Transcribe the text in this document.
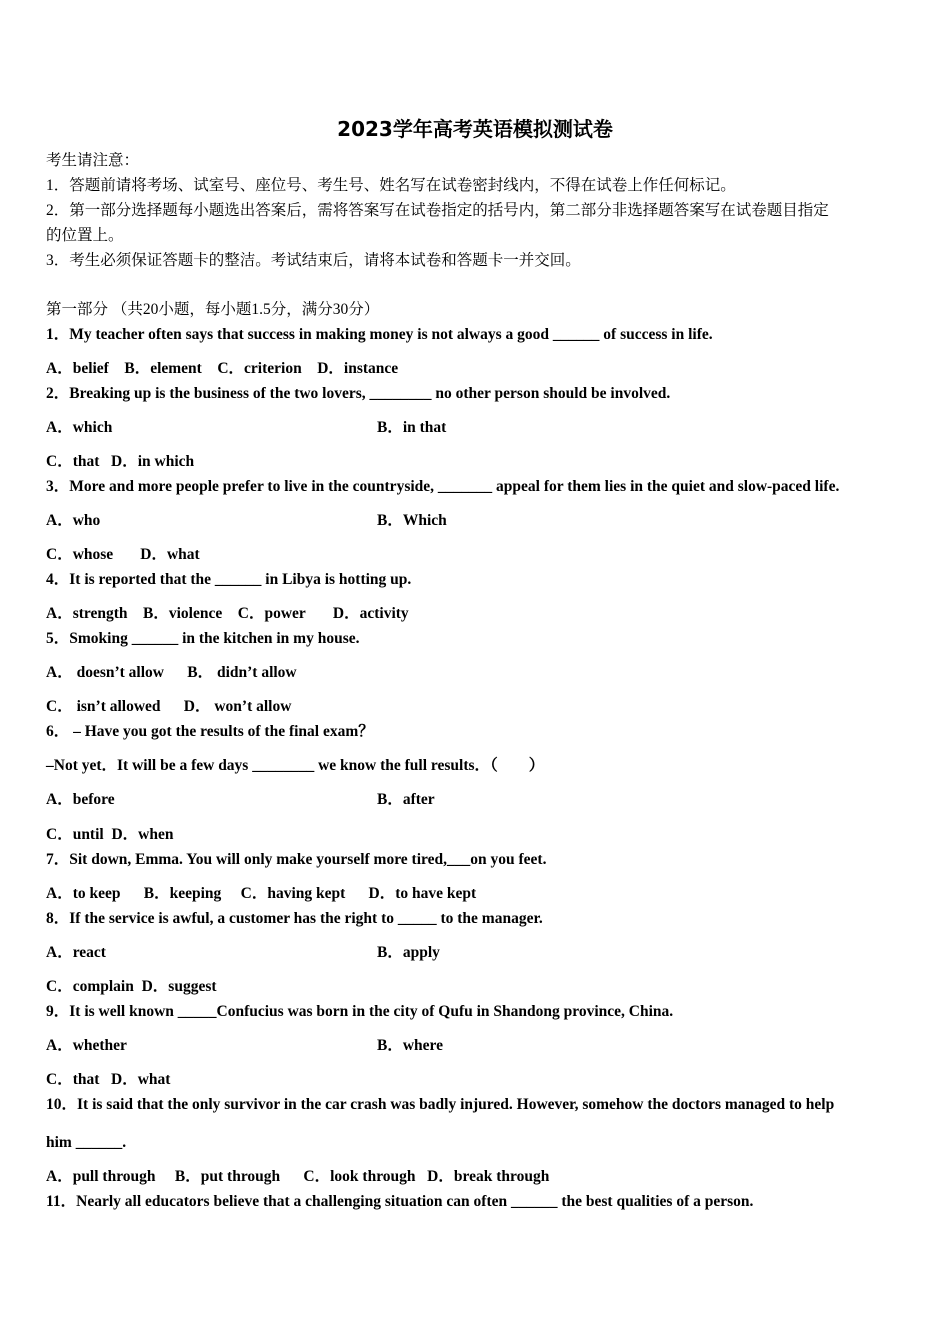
2023学年高考英语模拟测试卷
考生请注意：
1．答题前请将考场、试室号、座位号、考生号、姓名写在试卷密封线内，不得在试卷上作任何标记。
2．第一部分选择题每小题选出答案后，需将答案写在试卷指定的括号内，第二部分非选择题答案写在试卷题目指定
的位置上。
3．考生必须保证答题卡的整洁。考试结束后，请将本试卷和答题卡一并交回。
第一部分 （共20小题，每小题1.5分，满分30分）
1．My teacher often says that success in making money is not always a good ______ of success in life.
A．belief B．element C．criterion D．instance
2．Breaking up is the business of the two lovers, ________ no other person should be involved.
A．which	B．in that
C．that D．in which
3．More and more people prefer to live in the countryside, _______ appeal for them lies in the quiet and slow-paced life.
A．who	B．Which
C．whose D．what
4．It is reported that the ______ in Libya is hotting up.
A．strength B．violence C．power D．activity
5．Smoking ______ in the kitchen in my house.
A． doesn’t allow B． didn’t allow
C． isn’t allowed D． won’t allow
6． – Have you got the results of the final exam？
–Not yet．It will be a few days ________ we know the full results．（　　）
A．before	B．after
C．until D．when
7．Sit down, Emma. You will only make yourself more tired,___on you feet.
A．to keep B．keeping C．having kept D．to have kept
8．If the service is awful, a customer has the right to _____ to the manager.
A．react	B．apply
C．complain D．suggest
9．It is well known _____Confucius was born in the city of Qufu in Shandong province, China.
A．whether	B．where
C．that D．what
10．It is said that the only survivor in the car crash was badly injured. However, somehow the doctors managed to help
him ______.
A．pull through B．put through C．look through D．break through
11．Nearly all educators believe that a challenging situation can often ______ the best qualities of a person.
